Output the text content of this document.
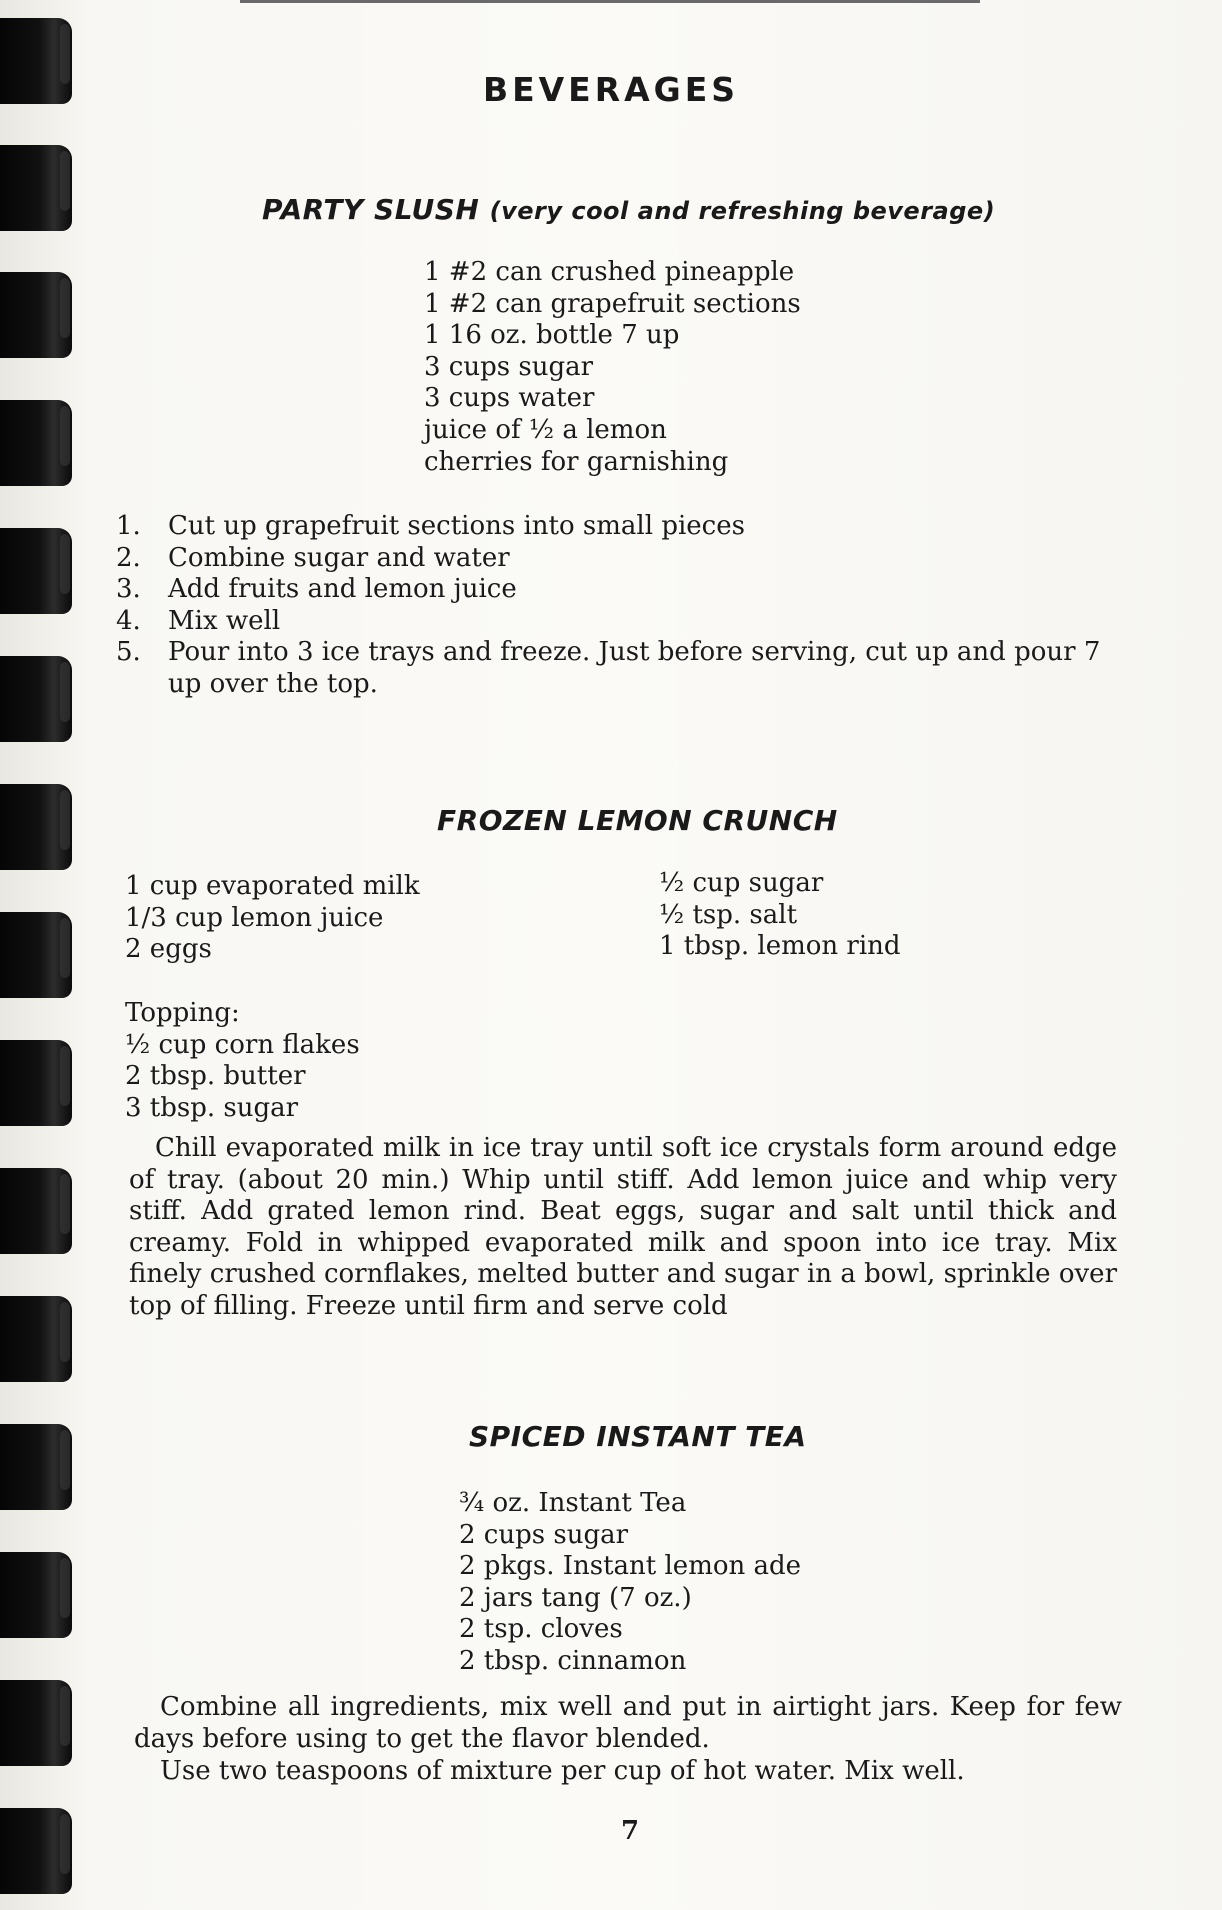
BEVERAGES
PARTY SLUSH (very cool and refreshing beverage)
1 #2 can crushed pineapple
1 #2 can grapefruit sections
1 16 oz. bottle 7 up
3 cups sugar
3 cups water
juice of ½ a lemon
cherries for garnishing
1. Cut up grapefruit sections into small pieces
2. Combine sugar and water
3. Add fruits and lemon juice
4. Mix well
5. Pour into 3 ice trays and freeze. Just before serving, cut up and pour 7 up over the top.
FROZEN LEMON CRUNCH
1 cup evaporated milk
1/3 cup lemon juice
2 eggs
½ cup sugar
½ tsp. salt
1 tbsp. lemon rind
Topping:
½ cup corn flakes
2 tbsp. butter
3 tbsp. sugar
Chill evaporated milk in ice tray until soft ice crystals form around edge of tray. (about 20 min.) Whip until stiff. Add lemon juice and whip very stiff. Add grated lemon rind. Beat eggs, sugar and salt until thick and creamy. Fold in whipped evaporated milk and spoon into ice tray. Mix finely crushed cornflakes, melted butter and sugar in a bowl, sprinkle over top of filling. Freeze until firm and serve cold
SPICED INSTANT TEA
¾ oz. Instant Tea
2 cups sugar
2 pkgs. Instant lemon ade
2 jars tang (7 oz.)
2 tsp. cloves
2 tbsp. cinnamon
Combine all ingredients, mix well and put in airtight jars. Keep for few days before using to get the flavor blended.
Use two teaspoons of mixture per cup of hot water. Mix well.
7
